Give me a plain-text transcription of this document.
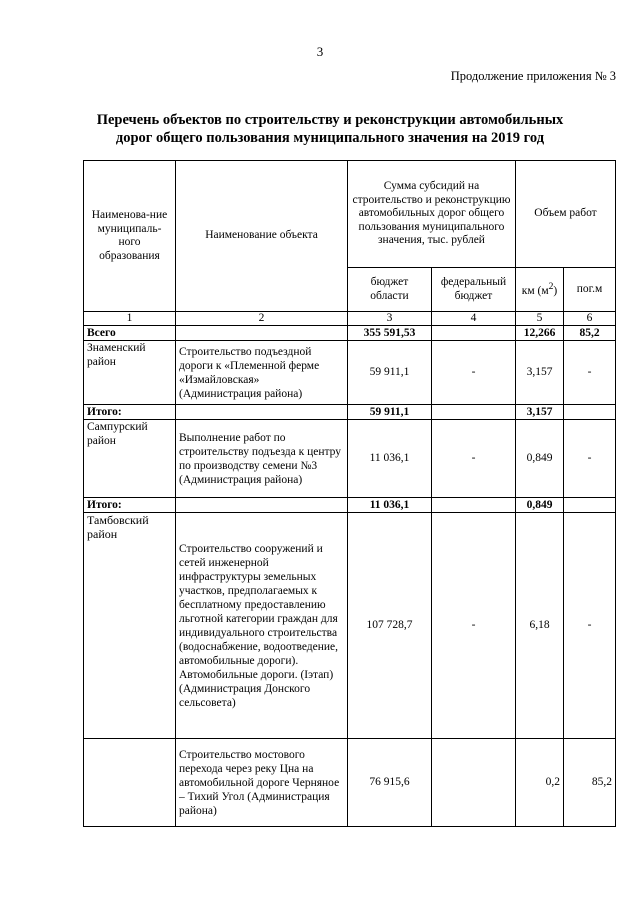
3
Продолжение приложения № 3
Перечень объектов по строительству и реконструкции автомобильных
дорог общего пользования муниципального значения на 2019 год
Наименова-ние муниципаль-ного образования	Наименование объекта	Сумма субсидий на строительство и реконструкцию автомобильных дорог общего пользования муниципального значения, тыс. рублей		Объем работ	
		бюджет области	федеральный бюджет	км $(м^2)$	пог.м
1	2	3	4	5	6
Всего		355 591,53		12,266	85,2
Знаменский район	Строительство подъездной дороги к «Племенной ферме «Измайловская» (Администрация района)	59 911,1	-	3,157	-
Итого:		59 911,1		3,157	
Сампурский район	Выполнение работ по строительству подъезда к центру по производству семени №3 (Администрация района)	11 036,1	-	0,849	-
Итого:		11 036,1		0,849	
Тамбовский район	Строительство сооружений и сетей инженерной инфраструктуры земельных участков, предполагаемых к бесплатному предоставлению льготной категории граждан для индивидуального строительства (водоснабжение, водоотведение, автомобильные дороги). Автомобильные дороги. (Iэтап) (Администрация Донского сельсовета)	107 728,7	-	6,18	-
	Строительство мостового перехода через реку Цна на автомобильной дороге Черняное – Тихий Угол (Администрация района)	76 915,6		0,2	85,2
